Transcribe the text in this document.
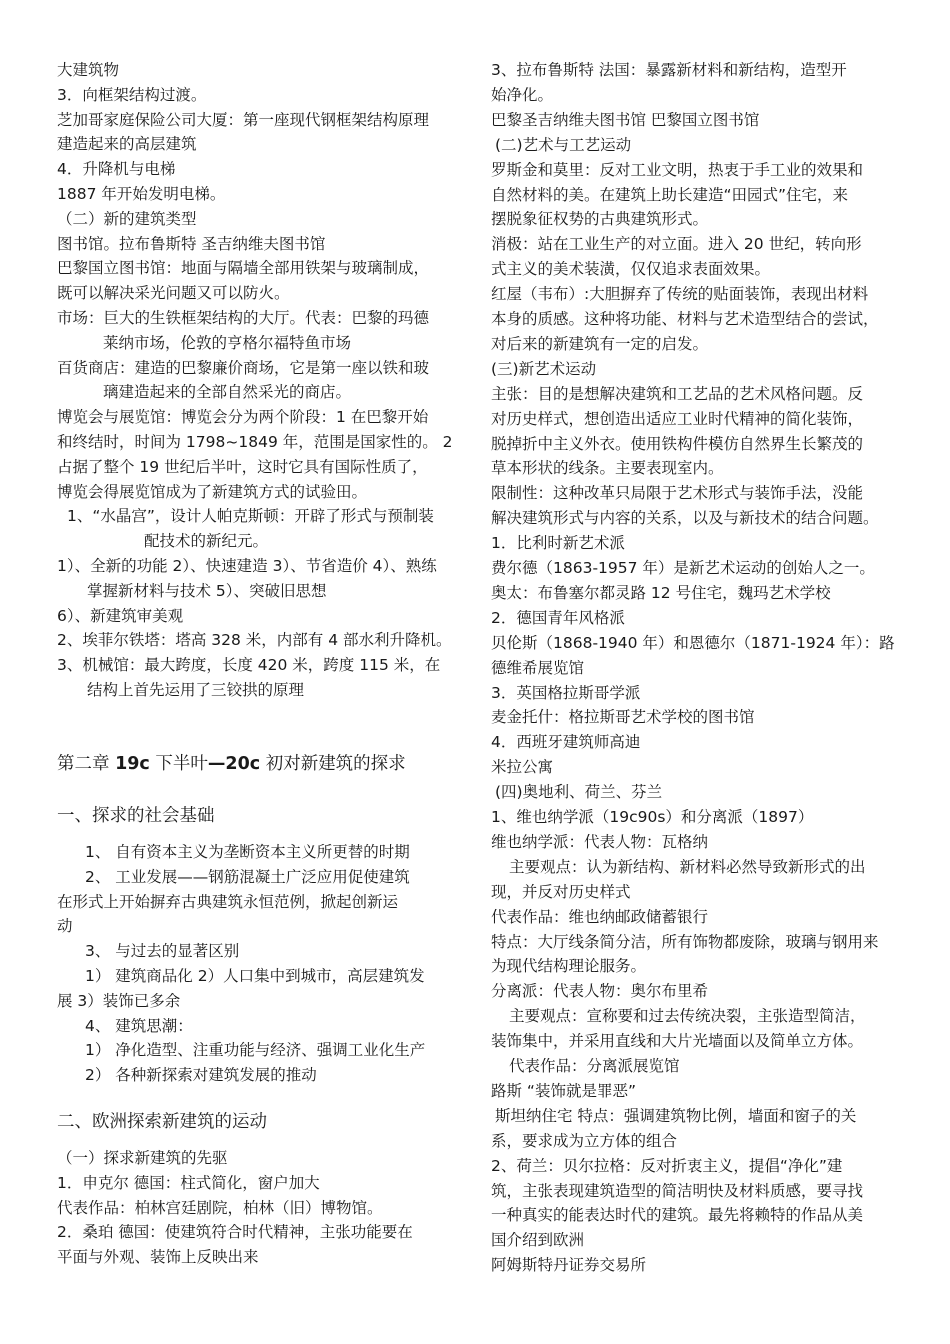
大建筑物
3．向框架结构过渡。
芝加哥家庭保险公司大厦：第一座现代钢框架结构原理
建造起来的高层建筑
4．升降机与电梯
1887 年开始发明电梯。
（二）新的建筑类型
图书馆。拉布鲁斯特 圣吉纳维夫图书馆
巴黎国立图书馆：地面与隔墙全部用铁架与玻璃制成，
既可以解决采光问题又可以防火。
市场：巨大的生铁框架结构的大厅。代表：巴黎的玛德
莱纳市场，伦敦的亨格尔福特鱼市场
百货商店：建造的巴黎廉价商场，它是第一座以铁和玻
璃建造起来的全部自然采光的商店。
博览会与展览馆：博览会分为两个阶段：1 在巴黎开始
和终结时，时间为 1798~1849 年，范围是国家性的。 2
占据了整个 19 世纪后半叶，这时它具有国际性质了，
博览会得展览馆成为了新建筑方式的试验田。
1、“水晶宫”，设计人帕克斯顿：开辟了形式与预制装
配技术的新纪元。
1）、全新的功能 2）、快速建造 3）、节省造价 4）、熟练
掌握新材料与技术 5）、突破旧思想
6）、新建筑审美观
2、埃菲尔铁塔：塔高 328 米，内部有 4 部水利升降机。
3、机械馆：最大跨度，长度 420 米，跨度 115 米，在
结构上首先运用了三铰拱的原理
第二章 19c 下半叶—20c 初对新建筑的探求
一、探求的社会基础
1、 自有资本主义为垄断资本主义所更替的时期
2、 工业发展——钢筋混凝土广泛应用促使建筑
在形式上开始摒弃古典建筑永恒范例，掀起创新运
动
3、 与过去的显著区别
1） 建筑商品化 2）人口集中到城市，高层建筑发
展 3）装饰已多余
4、 建筑思潮：
1） 净化造型、注重功能与经济、强调工业化生产
2） 各种新探索对建筑发展的推动
二、欧洲探索新建筑的运动
（一）探求新建筑的先驱
1．申克尔 德国：柱式简化，窗户加大
代表作品：柏林宫廷剧院，柏林（旧）博物馆。
2．桑珀 德国：使建筑符合时代精神，主张功能要在
平面与外观、装饰上反映出来
3、拉布鲁斯特 法国：暴露新材料和新结构，造型开
始净化。
巴黎圣吉纳维夫图书馆 巴黎国立图书馆
(二)艺术与工艺运动
罗斯金和莫里：反对工业文明，热衷于手工业的效果和
自然材料的美。在建筑上助长建造“田园式”住宅，来
摆脱象征权势的古典建筑形式。
消极：站在工业生产的对立面。进入 20 世纪，转向形
式主义的美术装潢，仅仅追求表面效果。
红屋（韦布）:大胆摒弃了传统的贴面装饰，表现出材料
本身的质感。这种将功能、材料与艺术造型结合的尝试，
对后来的新建筑有一定的启发。
(三)新艺术运动
主张：目的是想解决建筑和工艺品的艺术风格问题。反
对历史样式，想创造出适应工业时代精神的简化装饰，
脱掉折中主义外衣。使用铁构件模仿自然界生长繁茂的
草本形状的线条。主要表现室内。
限制性：这种改革只局限于艺术形式与装饰手法，没能
解决建筑形式与内容的关系，以及与新技术的结合问题。
1．比利时新艺术派
费尔德（1863-1957 年）是新艺术运动的创始人之一。
奥太：布鲁塞尔都灵路 12 号住宅，魏玛艺术学校
2．德国青年风格派
贝伦斯（1868-1940 年）和恩德尔（1871-1924 年）：路
德维希展览馆
3．英国格拉斯哥学派
麦金托什：格拉斯哥艺术学校的图书馆
4．西班牙建筑师高迪
米拉公寓
(四)奥地利、荷兰、芬兰
1、维也纳学派（19c90s）和分离派（1897）
维也纳学派：代表人物：瓦格纳
主要观点：认为新结构、新材料必然导致新形式的出
现，并反对历史样式
代表作品：维也纳邮政储蓄银行
特点：大厅线条简分洁，所有饰物都废除，玻璃与钢用来
为现代结构理论服务。
分离派：代表人物：奥尔布里希
主要观点：宣称要和过去传统决裂，主张造型简洁，
装饰集中，并采用直线和大片光墙面以及简单立方体。
代表作品：分离派展览馆
路斯 “装饰就是罪恶”
斯坦纳住宅 特点：强调建筑物比例，墙面和窗子的关
系，要求成为立方体的组合
2、荷兰：贝尔拉格：反对折衷主义，提倡“净化”建
筑，主张表现建筑造型的简洁明快及材料质感，要寻找
一种真实的能表达时代的建筑。最先将赖特的作品从美
国介绍到欧洲
阿姆斯特丹证券交易所
